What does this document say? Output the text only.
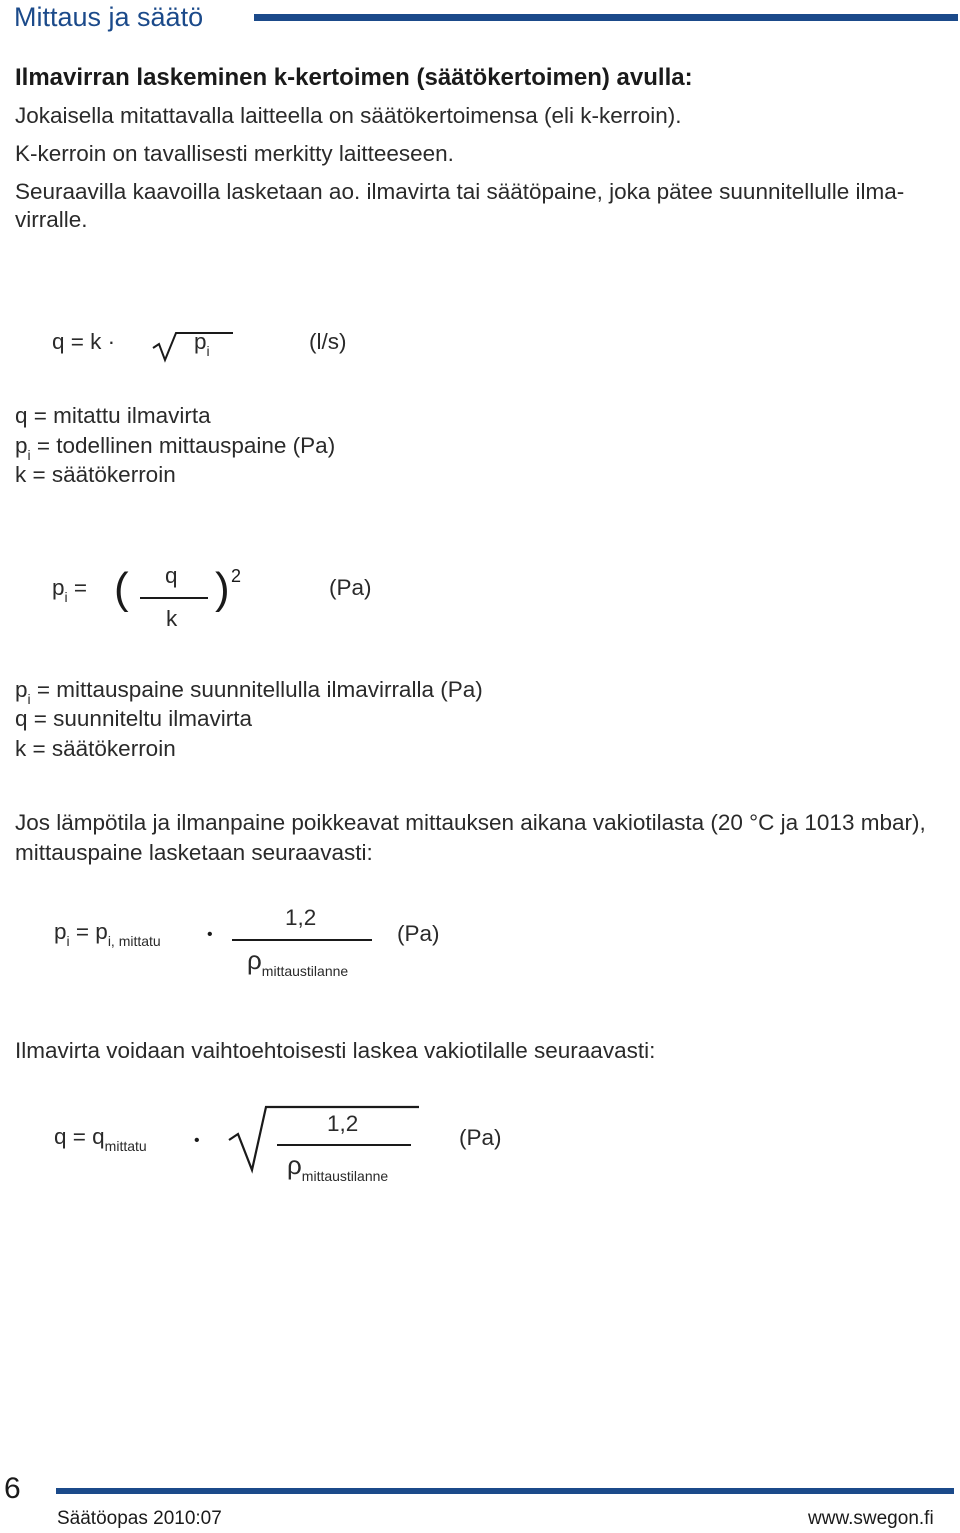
Mittaus ja säätö
Ilmavirran laskeminen k-kertoimen (säätökertoimen) avulla:
Jokaisella mitattavalla laitteella on säätökertoimensa (eli k-kerroin).
K-kerroin on tavallisesti merkitty laitteeseen.
Seuraavilla kaavoilla lasketaan ao. ilmavirta tai säätöpaine, joka pätee suunnitellulle ilma-
virralle.
q = k ·	$p_i$	(l/s)
q = mitattu ilmavirta
$p_i$ = todellinen mittauspaine (Pa)
k = säätökerroin
$p_i$ = ( q
k
) 2	(Pa)
$p_i$ = mittauspaine suunnitellulla ilmavirralla (Pa)
q = suunniteltu ilmavirta
k = säätökerroin
Jos lämpötila ja ilmanpaine poikkeavat mittauksen aikana vakiotilasta (20 °C ja 1013 mbar),
mittauspaine lasketaan seuraavasti:
$p_i = p_{i, mittatu}$	•
1,2
$\rho_{mittaustilanne}$
(Pa)
Ilmavirta voidaan vaihtoehtoisesti laskea vakiotilalle seuraavasti:
$q = q_{mittatu}$	•
1,2
$\rho_{mittaustilanne}$
(Pa)
6
Säätöopas 2010:07	www.swegon.fi
